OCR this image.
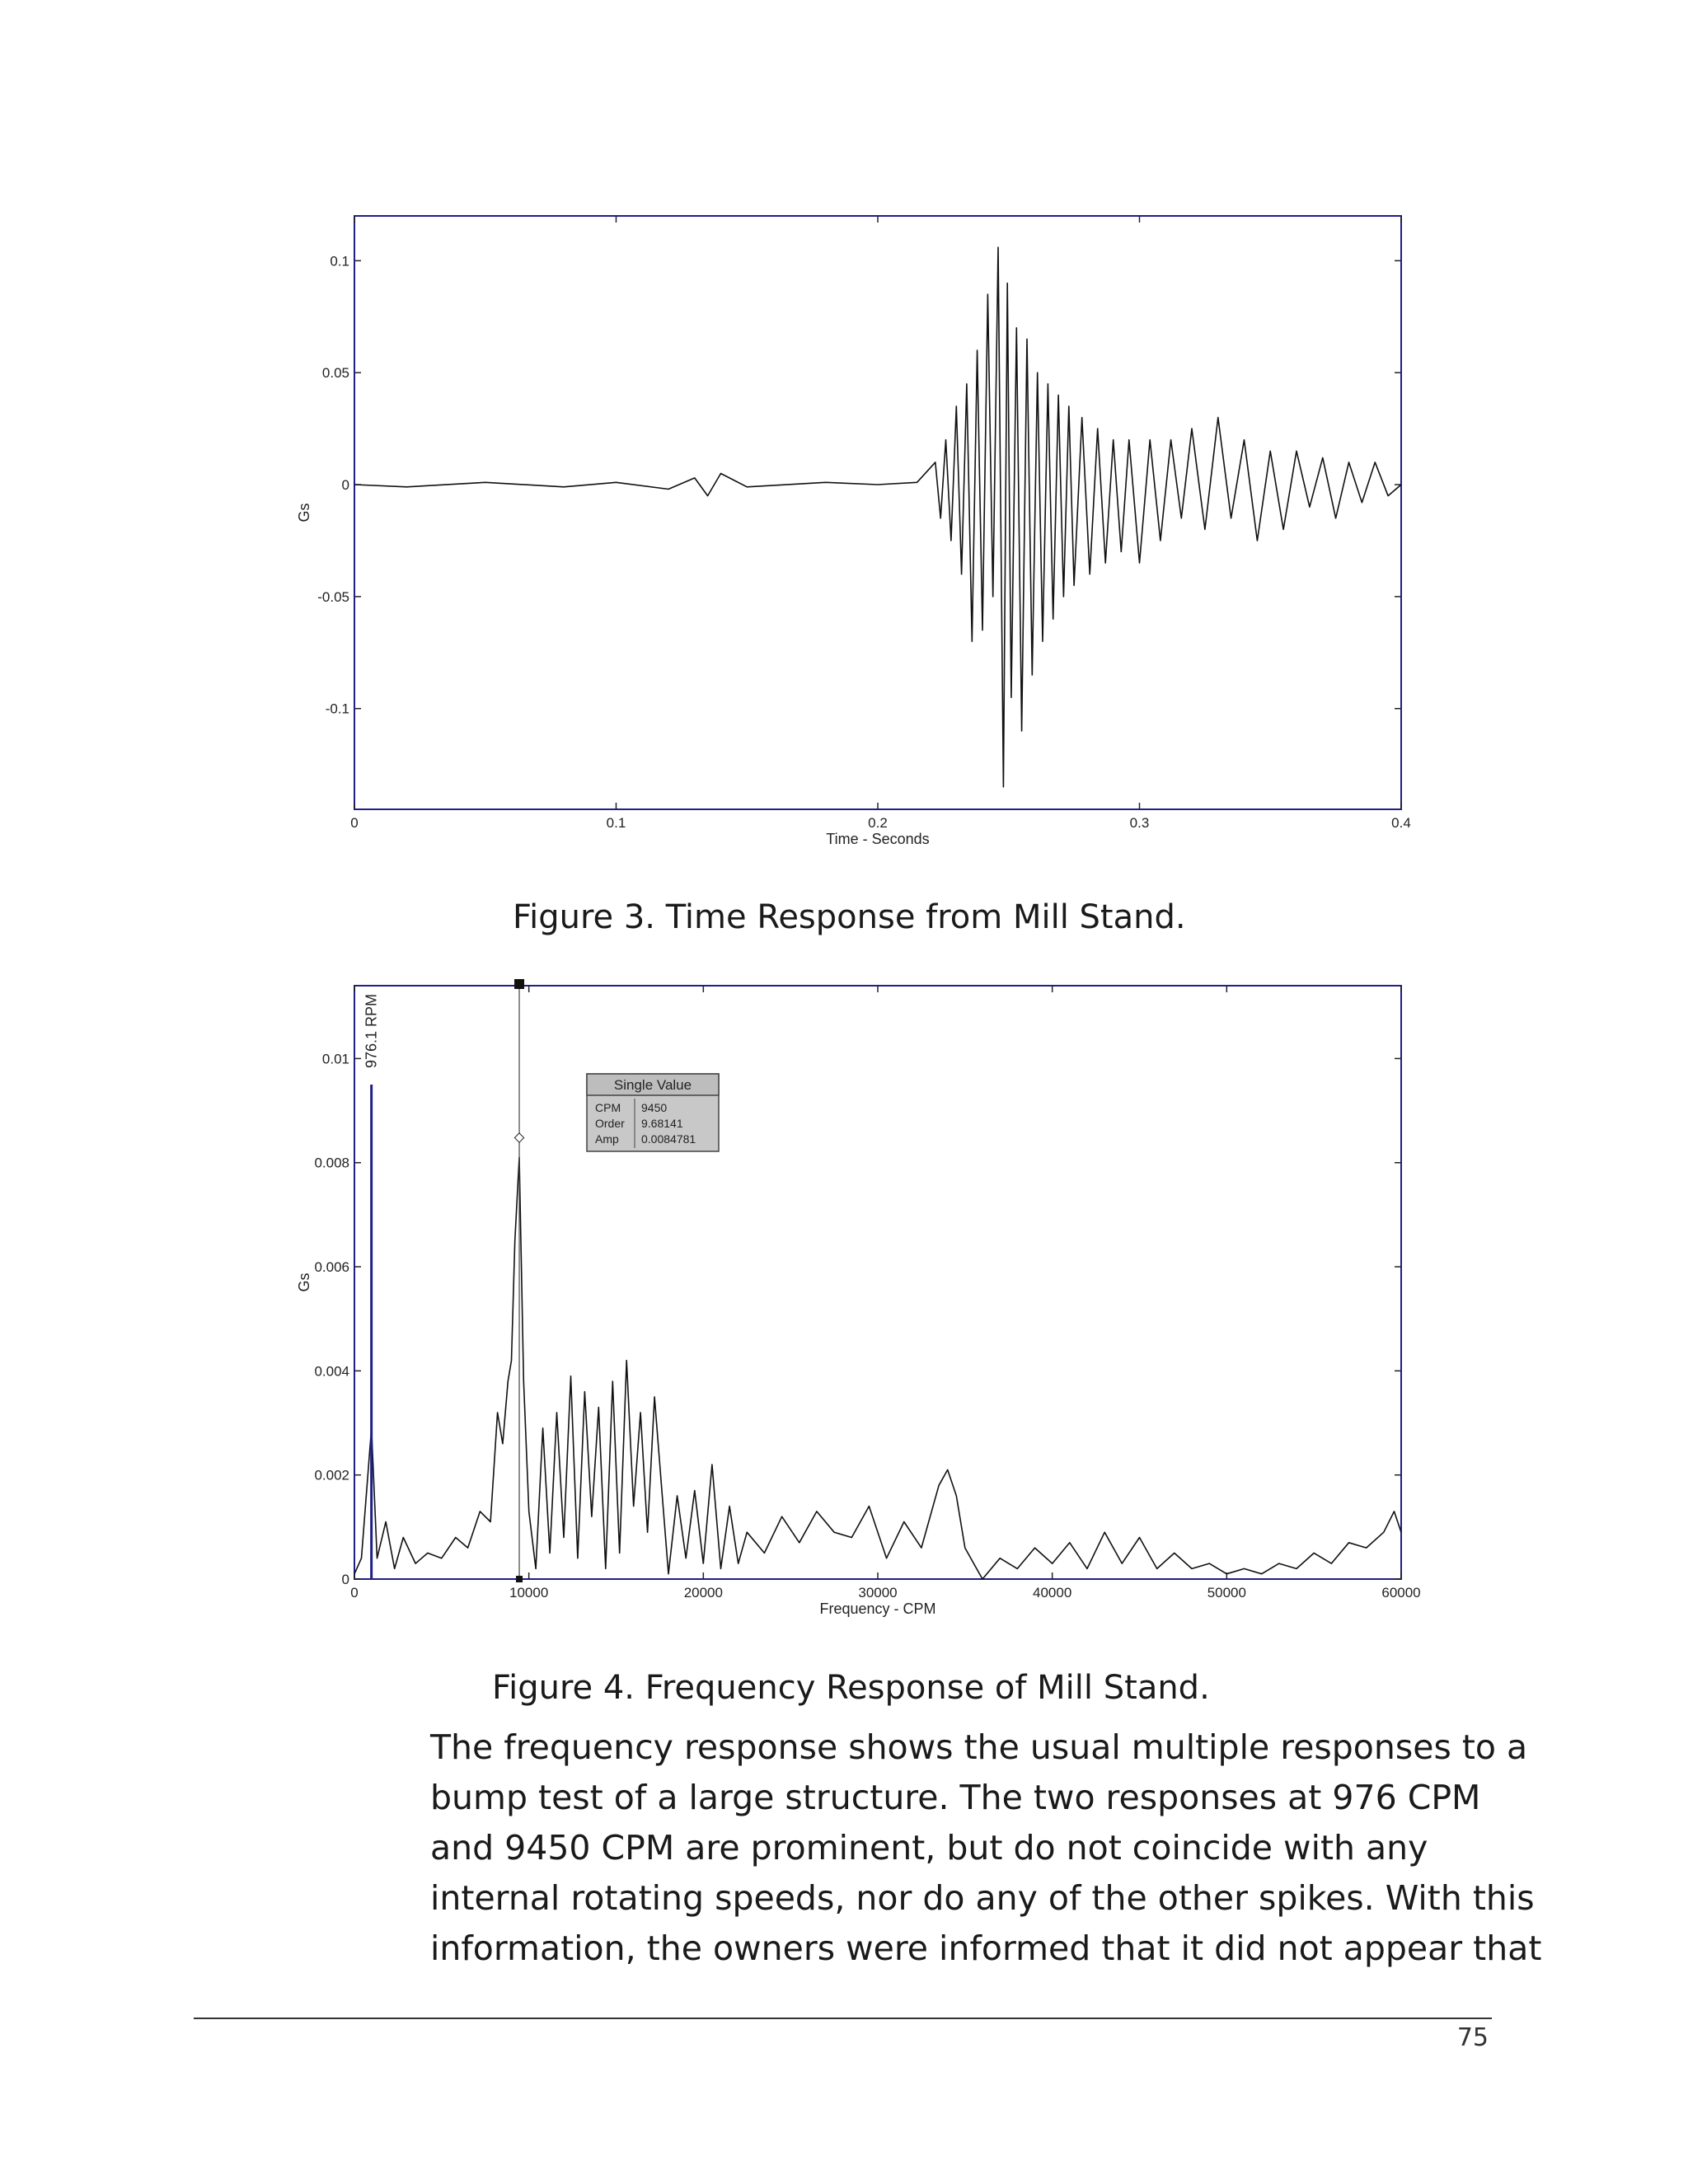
0	0.1	0.2	0.3	0.4
0.1
0.05
0
-0.05
-0.1
Time - Seconds
Gs
Figure 3. Time Response from Mill Stand.
0	10000	20000	30000	40000	50000	60000
0
0.002
0.004
0.006
0.008
0.01
Frequency - CPM
Gs
976.1 RPM
Single Value
CPM 9450
Order 9.68141
Amp 0.0084781
Figure 4. Frequency Response of Mill Stand.
The frequency response shows the usual multiple responses to a
bump test of a large structure. The two responses at 976 CPM
and 9450 CPM are prominent, but do not coincide with any
internal rotating speeds, nor do any of the other spikes. With this
information, the owners were informed that it did not appear that
75
